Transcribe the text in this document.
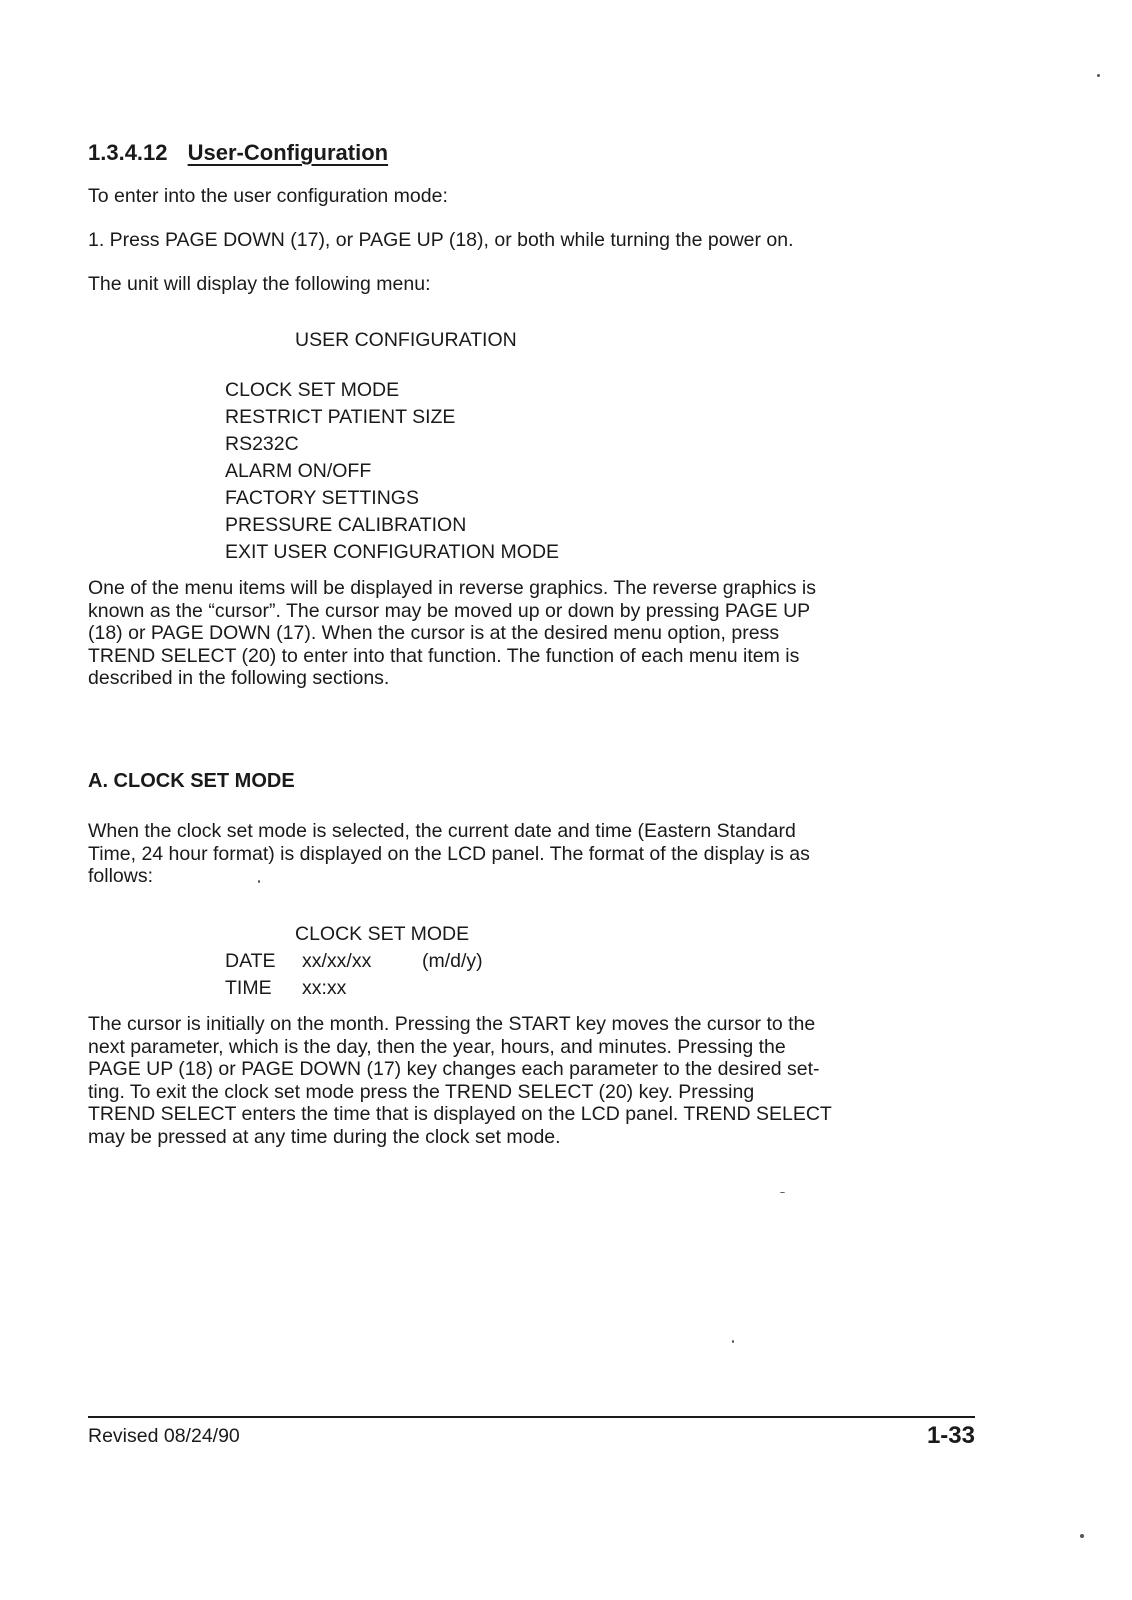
1.3.4.12 User-Configuration

To enter into the user configuration mode:

1. Press PAGE DOWN (17), or PAGE UP (18), or both while turning the power on.

The unit will display the following menu:

USER CONFIGURATION

CLOCK SET MODE
RESTRICT PATIENT SIZE
RS232C
ALARM ON/OFF
FACTORY SETTINGS
PRESSURE CALIBRATION
EXIT USER CONFIGURATION MODE

One of the menu items will be displayed in reverse graphics. The reverse graphics is
known as the “cursor”. The cursor may be moved up or down by pressing PAGE UP
(18) or PAGE DOWN (17). When the cursor is at the desired menu option, press
TREND SELECT (20) to enter into that function. The function of each menu item is
described in the following sections.

A. CLOCK SET MODE

When the clock set mode is selected, the current date and time (Eastern Standard
Time, 24 hour format) is displayed on the LCD panel. The format of the display is as
follows:

CLOCK SET MODE
DATE xx/xx/xx	(m/d/y)
TIME xx:xx

The cursor is initially on the month. Pressing the START key moves the cursor to the
next parameter, which is the day, then the year, hours, and minutes. Pressing the
PAGE UP (18) or PAGE DOWN (17) key changes each parameter to the desired set-
ting. To exit the clock set mode press the TREND SELECT (20) key. Pressing
TREND SELECT enters the time that is displayed on the LCD panel. TREND SELECT
may be pressed at any time during the clock set mode.

Revised 08/24/90	1-33
